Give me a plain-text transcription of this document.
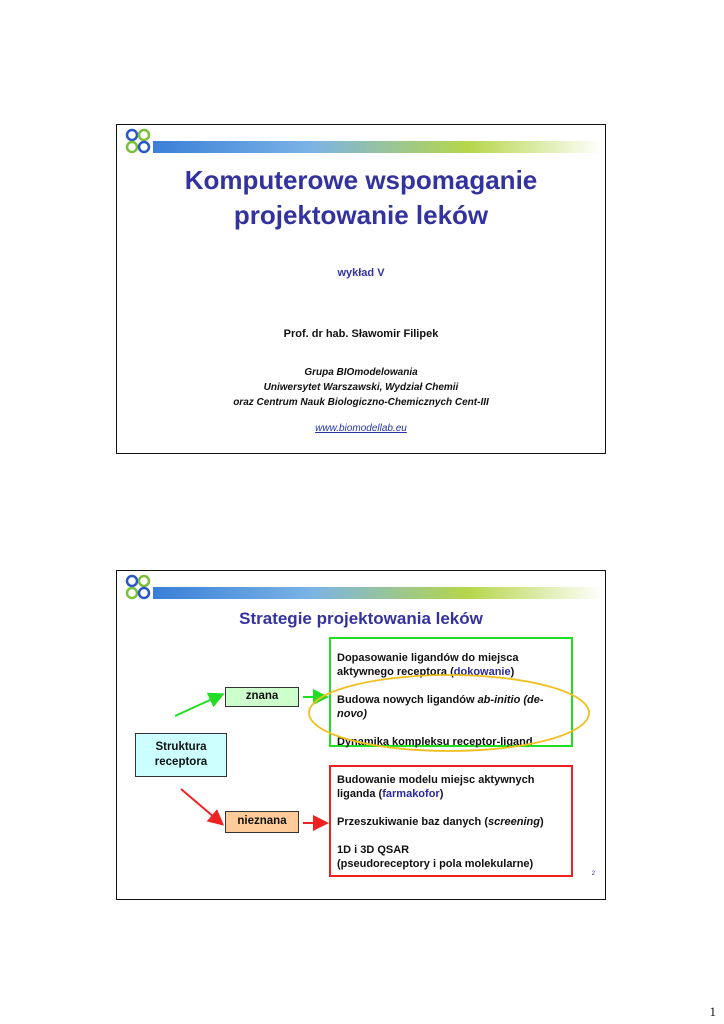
Komputerowe wspomaganie
projektowanie leków
wykład V
Prof. dr hab. Sławomir Filipek
Grupa BIOmodelowania
Uniwersytet Warszawski, Wydział Chemii
oraz Centrum Nauk Biologiczno-Chemicznych Cent-III
www.biomodellab.eu
Strategie projektowania leków
Dopasowanie ligandów do miejsca
aktywnego receptora (dokowanie)
Budowa nowych ligandów ab-initio (de-novo)
Dynamika kompleksu receptor-ligand
Budowanie modelu miejsc aktywnych
liganda (farmakofor)
Przeszukiwanie baz danych (screening)
1D i 3D QSAR
(pseudoreceptory i pola molekularne)
Struktura
receptora
znana
nieznana
2
1
